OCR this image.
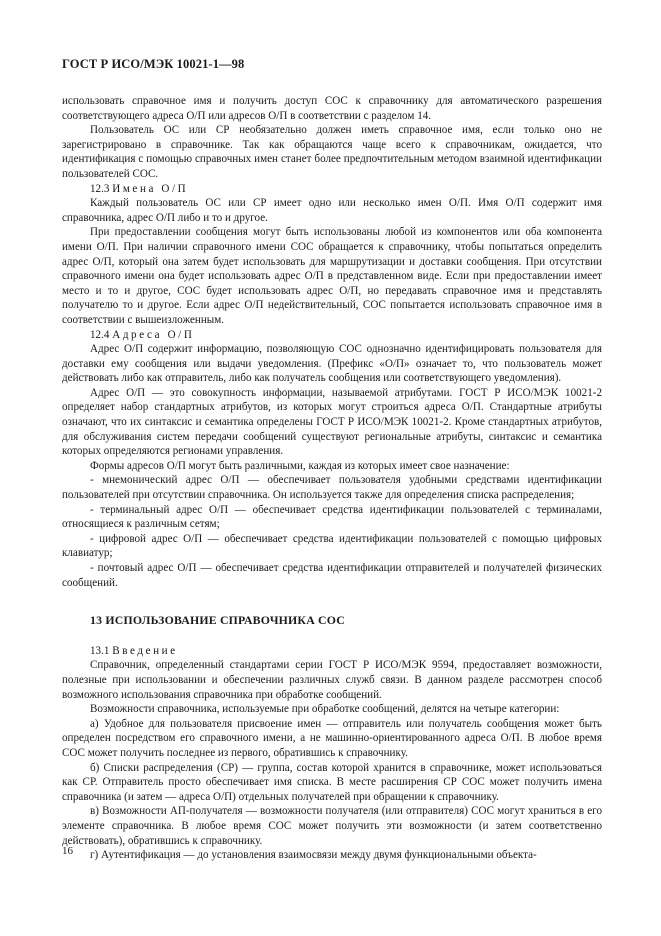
ГОСТ Р ИСО/МЭК 10021-1—98

использовать справочное имя и получить доступ СОС к справочнику для автоматического разрешения соответствующего адреса О/П или адресов О/П в соответствии с разделом 14.

Пользователь ОС или СР необязательно должен иметь справочное имя, если только оно не зарегистрировано в справочнике. Так как обращаются чаще всего к справочникам, ожидается, что идентификация с помощью справочных имен станет более предпочтительным методом взаимной идентификации пользователей СОС.

12.3 Имена О/П

Каждый пользователь ОС или СР имеет одно или несколько имен О/П. Имя О/П содержит имя справочника, адрес О/П либо и то и другое.

При предоставлении сообщения могут быть использованы любой из компонентов или оба компонента имени О/П. При наличии справочного имени СОС обращается к справочнику, чтобы попытаться определить адрес О/П, который она затем будет использовать для маршрутизации и доставки сообщения. При отсутствии справочного имени она будет использовать адрес О/П в представленном виде. Если при предоставлении имеет место и то и другое, СОС будет использовать адрес О/П, но передавать справочное имя и представлять получателю то и другое. Если адрес О/П недействительный, СОС попытается использовать справочное имя в соответствии с вышеизложенным.

12.4 Адреса О/П

Адрес О/П содержит информацию, позволяющую СОС однозначно идентифицировать пользователя для доставки ему сообщения или выдачи уведомления. (Префикс «О/П» означает то, что пользователь может действовать либо как отправитель, либо как получатель сообщения или соответствующего уведомления).

Адрес О/П — это совокупность информации, называемой атрибутами. ГОСТ Р ИСО/МЭК 10021-2 определяет набор стандартных атрибутов, из которых могут строиться адреса О/П. Стандартные атрибуты означают, что их синтаксис и семантика определены ГОСТ Р ИСО/МЭК 10021-2. Кроме стандартных атрибутов, для обслуживания систем передачи сообщений существуют региональные атрибуты, синтаксис и семантика которых определяются регионами управления.

Формы адресов О/П могут быть различными, каждая из которых имеет свое назначение:

- мнемонический адрес О/П — обеспечивает пользователя удобными средствами идентификации пользователей при отсутствии справочника. Он используется также для определения списка распределения;

- терминальный адрес О/П — обеспечивает средства идентификации пользователей с терминалами, относящиеся к различным сетям;

- цифровой адрес О/П — обеспечивает средства идентификации пользователей с помощью цифровых клавиатур;

- почтовый адрес О/П — обеспечивает средства идентификации отправителей и получателей физических сообщений.

13 ИСПОЛЬЗОВАНИЕ СПРАВОЧНИКА СОС

13.1 Введение

Справочник, определенный стандартами серии ГОСТ Р ИСО/МЭК 9594, предоставляет возможности, полезные при использовании и обеспечении различных служб связи. В данном разделе рассмотрен способ возможного использования справочника при обработке сообщений.

Возможности справочника, используемые при обработке сообщений, делятся на четыре категории:

а) Удобное для пользователя присвоение имен — отправитель или получатель сообщения может быть определен посредством его справочного имени, а не машинно-ориентированного адреса О/П. В любое время СОС может получить последнее из первого, обратившись к справочнику.

б) Списки распределения (СР) — группа, состав которой хранится в справочнике, может использоваться как СР. Отправитель просто обеспечивает имя списка. В месте расширения СР СОС может получить имена справочника (и затем — адреса О/П) отдельных получателей при обращении к справочнику.

в) Возможности АП-получателя — возможности получателя (или отправителя) СОС могут храниться в его элементе справочника. В любое время СОС может получить эти возможности (и затем соответственно действовать), обратившись к справочнику.

г) Аутентификация — до установления взаимосвязи между двумя функциональными объекта-

16
